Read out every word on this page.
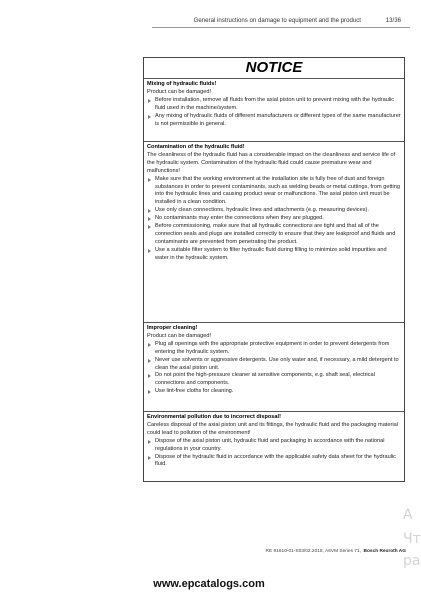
General instructions on damage to equipment and the product	13/36
NOTICE
Mixing of hydraulic fluids!
Product can be damaged!
Before installation, remove all fluids from the axial piston unit to prevent mixing with the hydraulic fluid used in the machine/system.
Any mixing of hydraulic fluids of different manufacturers or different types of the same manufacturer is not permissible in general.
Contamination of the hydraulic fluid!
The cleanliness of the hydraulic fluid has a considerable impact on the cleanliness and service life of the hydraulic system. Contamination of the hydraulic fluid could cause premature wear and malfunctions!
Make sure that the working environment at the installation site is fully free of dust and foreign substances in order to prevent contaminants, such as welding beads or metal cuttings, from getting into the hydraulic lines and causing product wear or malfunctions. The axial piston unit must be installed in a clean condition.
Use only clean connections, hydraulic lines and attachments (e.g. measuring devices).
No contaminants may enter the connections when they are plugged.
Before commissioning, make sure that all hydraulic connections are tight and that all of the connection seals and plugs are installed correctly to ensure that they are leakproof and fluids and contaminants are prevented from penetrating the product.
Use a suitable filter system to filter hydraulic fluid during filling to minimize solid impurities and water in the hydraulic system.
Improper cleaning!
Product can be damaged!
Plug all openings with the appropriate protective equipment in order to prevent detergents from entering the hydraulic system.
Never use solvents or aggressive detergents. Use only water and, if necessary, a mild detergent to clean the axial piston unit.
Do not point the high-pressure cleaner at sensitive components, e.g. shaft seal, electrical connections and components.
Use lint-free cloths for cleaning.
Environmental pollution due to incorrect disposal!
Careless disposal of the axial piston unit and its fittings, the hydraulic fluid and the packaging material could lead to pollution of the environment!
Dispose of the axial piston unit, hydraulic fluid and packaging in accordance with the national regulations in your country.
Dispose of the hydraulic fluid in accordance with the applicable safety data sheet for the hydraulic fluid.
A
Чт
ра
RE 91610-01-S03/02.2018, A6VM Series 71, Bosch Rexroth AG
www.epcatalogs.com
